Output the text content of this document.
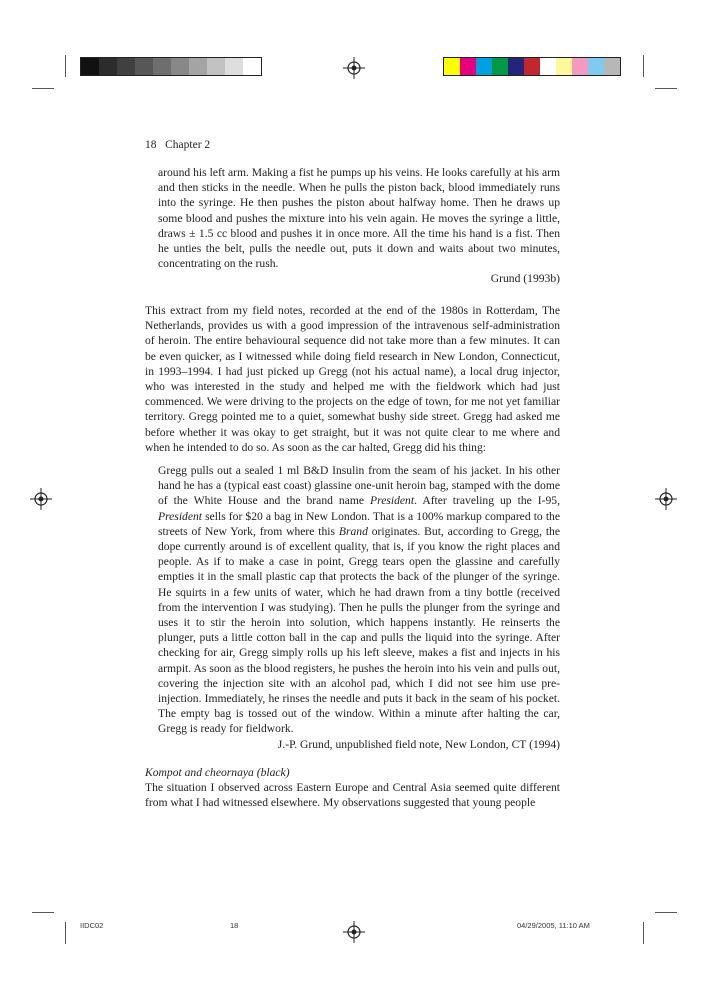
18 Chapter 2

around his left arm. Making a fist he pumps up his veins. He looks carefully at his arm and then sticks in the needle. When he pulls the piston back, blood immediately runs into the syringe. He then pushes the piston about halfway home. Then he draws up some blood and pushes the mixture into his vein again. He moves the syringe a little, draws ± 1.5 cc blood and pushes it in once more. All the time his hand is a fist. Then he unties the belt, pulls the needle out, puts it down and waits about two minutes, concentrating on the rush.

Grund (1993b)

This extract from my field notes, recorded at the end of the 1980s in Rotterdam, The Netherlands, provides us with a good impression of the intravenous self-administration of heroin. The entire behavioural sequence did not take more than a few minutes. It can be even quicker, as I witnessed while doing field research in New London, Connecticut, in 1993–1994. I had just picked up Gregg (not his actual name), a local drug injector, who was interested in the study and helped me with the fieldwork which had just commenced. We were driving to the projects on the edge of town, for me not yet familiar territory. Gregg pointed me to a quiet, somewhat bushy side street. Gregg had asked me before whether it was okay to get straight, but it was not quite clear to me where and when he intended to do so. As soon as the car halted, Gregg did his thing:

Gregg pulls out a sealed 1 ml B&D Insulin from the seam of his jacket. In his other hand he has a (typical east coast) glassine one-unit heroin bag, stamped with the dome of the White House and the brand name President. After traveling up the I-95, President sells for $20 a bag in New London. That is a 100% markup compared to the streets of New York, from where this Brand originates. But, according to Gregg, the dope currently around is of excellent quality, that is, if you know the right places and people. As if to make a case in point, Gregg tears open the glassine and carefully empties it in the small plastic cap that protects the back of the plunger of the syringe. He squirts in a few units of water, which he had drawn from a tiny bottle (received from the intervention I was studying). Then he pulls the plunger from the syringe and uses it to stir the heroin into solution, which happens instantly. He reinserts the plunger, puts a little cotton ball in the cap and pulls the liquid into the syringe. After checking for air, Gregg simply rolls up his left sleeve, makes a fist and injects in his armpit. As soon as the blood registers, he pushes the heroin into his vein and pulls out, covering the injection site with an alcohol pad, which I did not see him use pre-injection. Immediately, he rinses the needle and puts it back in the seam of his pocket. The empty bag is tossed out of the window. Within a minute after halting the car, Gregg is ready for fieldwork.

J.-P. Grund, unpublished field note, New London, CT (1994)

Kompot and cheornaya (black)

The situation I observed across Eastern Europe and Central Asia seemed quite different from what I had witnessed elsewhere. My observations suggested that young people

IIDC02	18	04/29/2005, 11:10 AM
